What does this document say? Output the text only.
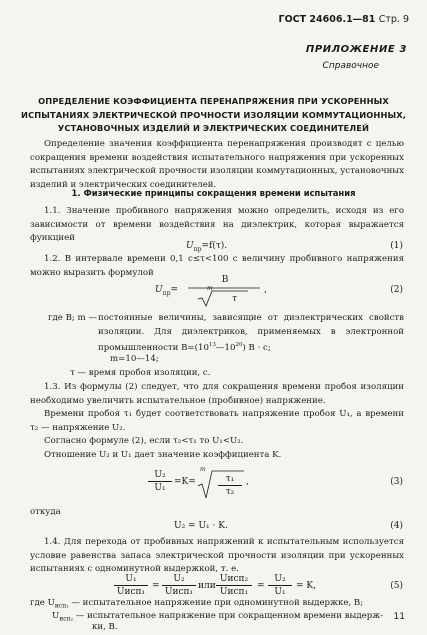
ГОСТ 24606.1—81 Стр. 9
ПРИЛОЖЕНИЕ 3
Справочное
ОПРЕДЕЛЕНИЕ КОЭФФИЦИЕНТА ПЕРЕНАПРЯЖЕНИЯ ПРИ УСКОРЕННЫХ
ИСПЫТАНИЯХ ЭЛЕКТРИЧЕСКОЙ ПРОЧНОСТИ ИЗОЛЯЦИИ КОММУТАЦИОННЫХ,
УСТАНОВОЧНЫХ ИЗДЕЛИЙ И ЭЛЕКТРИЧЕСКИХ СОЕДИНИТЕЛЕЙ
Определение значения коэффициента перенапряжения производят с целью сокращения времени воздействия испытательного напряжения при ускоренных испытаниях электрической прочности изоляции коммутационных, установочных изделий и электрических соединителей.
1. Физические принципы сокращения времени испытания
1.1. Значение пробивного напряжения можно определить, исходя из его зависимости от времени воздействия на диэлектрик, которая выражается функцией
$U_{пр}=f(\tau)$.	(1)
1.2. В интервале времени 0,1 с≤τ<100 с величину пробивного напряжения можно выразить формулой
$U_{пр}=$
B
m
τ
,	(2)
где B; m — постоянные величины, зависящие от диэлектрических свойств изоляции. Для диэлектриков, применяемых в электронной промышленности $B=(10^{13}—10^{20}) B \cdot с$;
m=10—14;
τ — время пробоя изоляции, с.
1.3. Из формулы (2) следует, что для сокращения времени пробоя изоляции необходимо увеличить испытательное (пробивное) напряжение.
Времени пробоя τ₁ будет соответствовать напряжение пробоя U₁, а времени τ₂ — напряжение U₂.
Согласно формуле (2), если τ₂<τ₁ то U₁<U₂.
Отношение U₂ и U₁ дает значение коэффициента K.
$\frac{\text{U₂}}{\text{U₁}} =K=$
m
$\frac{\text{τ₁}}{\text{τ₂}}$ ,	(3)
откуда
U₂ = U₁ · K.	(4)
1.4. Для перехода от пробивных напряжений к испытательным используется условие равенства запаса электрической прочности изоляции при ускоренных испытаниях с одноминутной выдержкой, т. е.
U₁
Uисп₁
=
U₂
Uисп₁
или
Uисп₂
Uисп₁
= $\frac{\text{U₂}}{\text{U₁}} = K$,	(5)
где $U_{исп_1}$ — испытательное напряжение при одноминутной выдержке, B;
$U_{исп_2}$ — испытательное напряжение при сокращенном времени выдерж-
ки, B.
11
